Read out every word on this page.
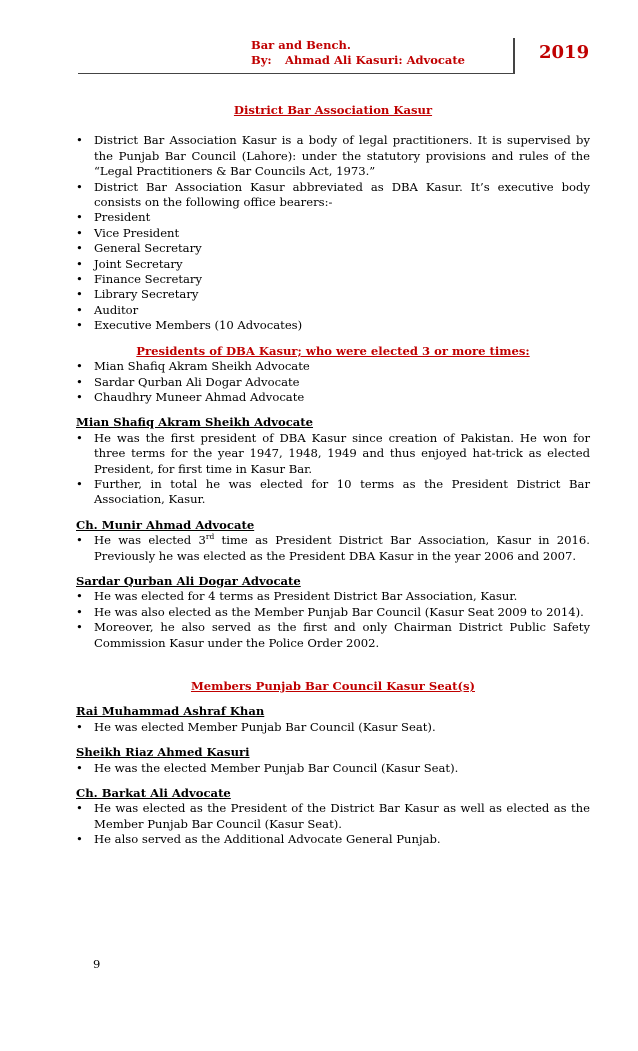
Bar and Bench.
By: Ahmad Ali Kasuri: Advocate	2019
District Bar Association Kasur
• District Bar Association Kasur is a body of legal practitioners. It is supervised by the Punjab Bar Council (Lahore): under the statutory provisions and rules of the “Legal Practitioners & Bar Councils Act, 1973.”
• District Bar Association Kasur abbreviated as DBA Kasur. It’s executive body consists on the following office bearers:-
• President
• Vice President
• General Secretary
• Joint Secretary
• Finance Secretary
• Library Secretary
• Auditor
• Executive Members (10 Advocates)
Presidents of DBA Kasur; who were elected 3 or more times:
• Mian Shafiq Akram Sheikh Advocate
• Sardar Qurban Ali Dogar Advocate
• Chaudhry Muneer Ahmad Advocate
Mian Shafiq Akram Sheikh Advocate
• He was the first president of DBA Kasur since creation of Pakistan. He won for three terms for the year 1947, 1948, 1949 and thus enjoyed hat-trick as elected President, for first time in Kasur Bar.
• Further, in total he was elected for 10 terms as the President District Bar Association, Kasur.
Ch. Munir Ahmad Advocate
• He was elected 3rd time as President District Bar Association, Kasur in 2016. Previously he was elected as the President DBA Kasur in the year 2006 and 2007.
Sardar Qurban Ali Dogar Advocate
• He was elected for 4 terms as President District Bar Association, Kasur.
• He was also elected as the Member Punjab Bar Council (Kasur Seat 2009 to 2014).
• Moreover, he also served as the first and only Chairman District Public Safety Commission Kasur under the Police Order 2002.
Members Punjab Bar Council Kasur Seat(s)
Rai Muhammad Ashraf Khan
• He was elected Member Punjab Bar Council (Kasur Seat).
Sheikh Riaz Ahmed Kasuri
• He was the elected Member Punjab Bar Council (Kasur Seat).
Ch. Barkat Ali Advocate
• He was elected as the President of the District Bar Kasur as well as elected as the Member Punjab Bar Council (Kasur Seat).
• He also served as the Additional Advocate General Punjab.
9
